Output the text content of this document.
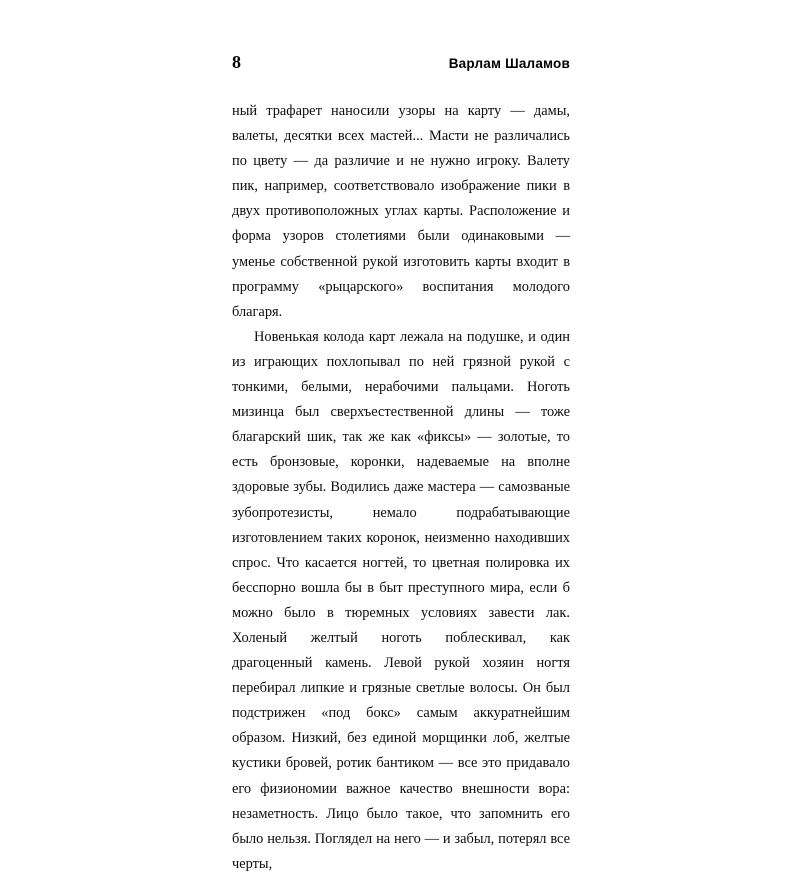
8	Варлам Шаламов

ный трафарет наносили узоры на карту — дамы, валеты, десятки всех мастей... Масти не различались по цвету — да различие и не нужно игроку. Валету пик, например, соответствовало изображение пики в двух противоположных углах карты. Расположение и форма узоров столетиями были одинаковыми — уменье собственной рукой изготовить карты входит в программу «рыцарского» воспитания молодого благаря.

Новенькая колода карт лежала на подушке, и один из играющих похлопывал по ней грязной рукой с тонкими, белыми, нерабочими пальцами. Ноготь мизинца был сверхъестественной длины — тоже благарский шик, так же как «фиксы» — золотые, то есть бронзовые, коронки, надеваемые на вполне здоровые зубы. Водились даже мастера — самозваные зубопротезисты, немало подрабатывающие изготовлением таких коронок, неизменно находивших спрос. Что касается ногтей, то цветная полировка их бесспорно вошла бы в быт преступного мира, если б можно было в тюремных условиях завести лак. Холеный желтый ноготь поблескивал, как драгоценный камень. Левой рукой хозяин ногтя перебирал липкие и грязные светлые волосы. Он был подстрижен «под бокс» самым аккуратнейшим образом. Низкий, без единой морщинки лоб, желтые кустики бровей, ротик бантиком — все это придавало его физиономии важное качество внешности вора: незаметность. Лицо было такое, что запомнить его было нельзя. Поглядел на него — и забыл, потерял все черты,
